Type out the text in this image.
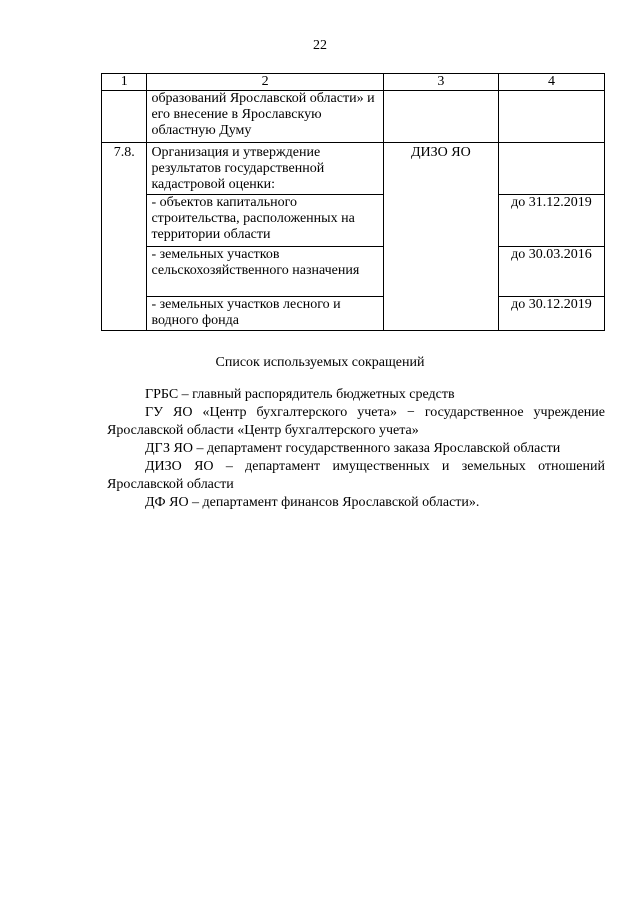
22
1	2	3	4
	образований Ярославской области» и его внесение в Ярославскую областную Думу		
7.8.	Организация и утверждение результатов государственной кадастровой оценки:	ДИЗО ЯО	
	- объектов капитального строительства, расположенных на территории области		до 31.12.2019
	- земельных участков сельскохозяйственного назначения		до 30.03.2016
	- земельных участков лесного и водного фонда		до 30.12.2019
Список используемых сокращений

ГРБС – главный распорядитель бюджетных средств

ГУ ЯО «Центр бухгалтерского учета» − государственное учреждение Ярославской области «Центр бухгалтерского учета»

ДГЗ ЯО – департамент государственного заказа Ярославской области

ДИЗО ЯО – департамент имущественных и земельных отношений Ярославской области

ДФ ЯО – департамент финансов Ярославской области».
